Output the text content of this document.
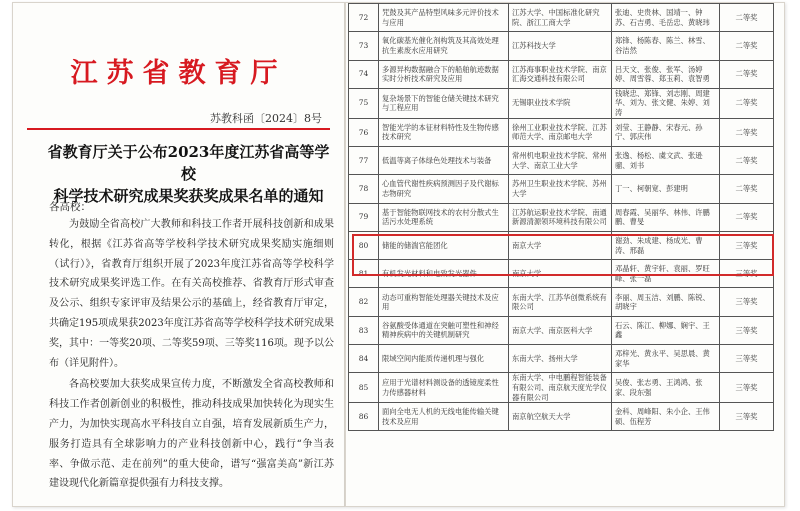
江苏省教育厅
苏教科函〔2024〕8号
省教育厅关于公布2023年度江苏省高等学校
科学技术研究成果奖获奖成果名单的通知
各高校：

为鼓励全省高校广大教师和科技工作者开展科技创新和成果转化，根据《江苏省高等学校科学技术研究成果奖励实施细则（试行）》，省教育厅组织开展了2023年度江苏省高等学校科学技术研究成果奖评选工作。在有关高校推荐、省教育厅形式审查及公示、组织专家评审及结果公示的基础上，经省教育厅审定，共确定195项成果获2023年度江苏省高等学校科学技术研究成果奖，其中：一等奖20项、二等奖59项、三等奖116项。现予以公布（详见附件）。

各高校要加大获奖成果宣传力度，不断激发全省高校教师和科技工作者创新创业的积极性，推动科技成果加快转化为现实生产力，为加快实现高水平科技自立自强，培育发展新质生产力，服务打造具有全球影响力的产业科技创新中心，践行“争当表率、争做示范、走在前列”的重大使命，谱写“强富美高”新江苏建设现代化新篇章提供强有力科技支撑。

72	咒鼓及其产品特型风味多元评价技术与应用	江苏大学、中国标准化研究院、浙江工商大学	张迪、史贵林、国靖一、钟苏、石吉勇、毛岳忠、黄晓玮	二等奖
73	氧化碳基光催化剂构筑及其高效处理抗生素废水应用研究	江苏科技大学	郑锋、杨陈春、陈兰、林雪、谷洁然	二等奖
74	多源异构数据融合下的船舶航迹数据实时分析技术研究及应用	江苏海事职业技术学院、南京汇海交通科技有限公司	吕天文、张俊、张军、汤婷婷、周雪蓉、郑玉莉、袁智勇	二等奖
75	复杂场景下的智能仓储关键技术研究与工程应用	无锡职业技术学院	钱晓忠、郑锋、刘志刚、周建华、刘为、张文健、朱婷、刘涛	二等奖
76	智能光学的本征材料特性及生物传感技术研究	徐州工业职业技术学院、江苏师范大学、南京邮电大学	刘莹、王静静、宋春元、孙宁、郭庆伟	二等奖
77	低温等离子体绿色处理技术与装备	常州机电职业技术学院、常州大学、南京工业大学	张逸、杨松、虞文武、张逊骝、刘书	二等奖
78	心血管代谢性疾病预测因子及代谢标志物研究	苏州卫生职业技术学院、苏州大学	丁一、柯朝宽、彭建明	二等奖
79	基于智能物联网技术的农村分散式生活污水处理系统	江苏航运职业技术学院、南通新源清源领环境科技有限公司	周春霞、吴丽华、林伟、许鹏鹏、曹旻	二等奖
80	储能的储湍官能团化	南京大学	谢劲、朱成建、杨成光、曹涛、邢磊	三等奖
81	有机发光材料和电致发光器件	南京大学	邓晶轩、黄宇轩、袁丽、罗旺峰、张一磊	三等奖
82	动态可重构智能处理器关键技术及应用	东南大学、江苏华创微系统有限公司	李丽、周玉洁、刘鹏、陈锐、胡晓宇	三等奖
83	谷氨酸受体通道在突触可塑性和神经精神疾病中的关键机制研究	南京大学、南京医科大学	石云、陈江、柳娜、娴宇、王鑫	三等奖
84	限域空间内能质传递机理与强化	东南大学、扬州大学	邓梓光、黄永平、吴思晨、黄家华	三等奖
85	应用于光谱材料测设备的透镜度柔性力传感器材料	东南大学、中电鹏程智能装备有限公司、南京航天度光学仪器有限公司	吴俊、张志勇、王鸿鸿、张家、段东强	三等奖
86	面向全电无人机的无线电能传输关键技术及应用	南京航空航天大学	金科、周峰阳、朱小企、王伟硕、伍程芳	三等奖
